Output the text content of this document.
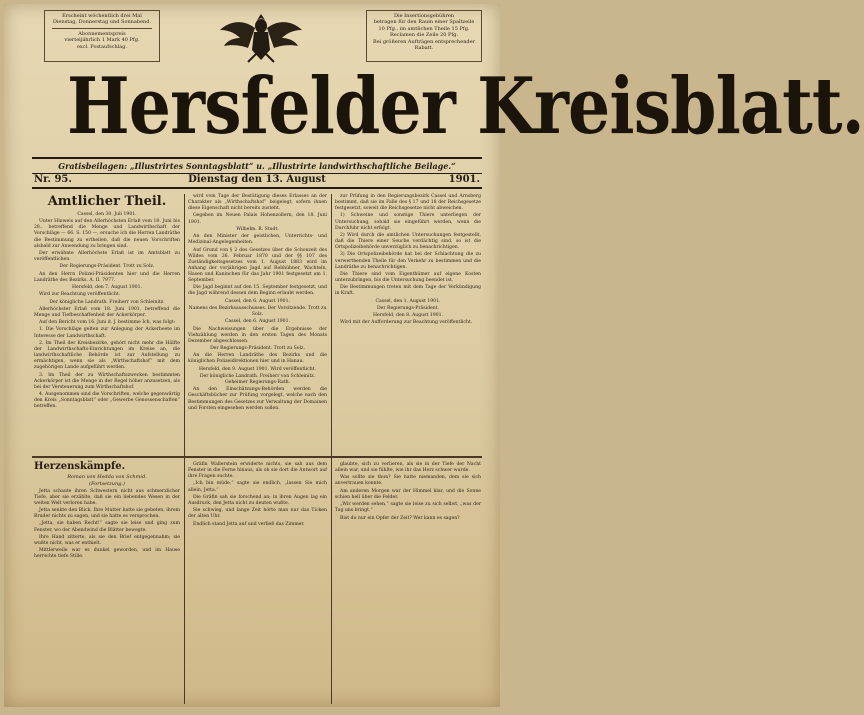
Erscheint wöchentlich drei Mal

Dienstag, Donnerstag und Sonnabend.

Abonnementspreis

vierteljährlich 1 Mark 40 Pfg.

excl. Postaufschlag.

Die Insertionsgebühren

betragen für den Raum einer Spaltzeile

10 Pfg., im amtlichen Theile 15 Pfg.

Reclamen die Zeile 20 Pfg.

Bei größeren Aufträgen entsprechender

Rabatt.

Hersfelder Kreisblatt.
Gratisbeilagen: „Illustrirtes Sonntagsblatt“ u. „Illustrirte landwirthschaftliche Beilage.“
Nr. 95.	Dienstag den 13. August	1901.

Amtlicher Theil.

Cassel, den 30. Juli 1901.

Unter Hinweis auf den Allerhöchsten Erlaß vom 18. Juni bis 28., betreffend die Menge und Landwirthschaft der Vorschläge — 66. S. 150 —, ersuche ich die Herren Landräthe die Bestimmung zu ertheilen, daß die neuen Vorschriften alsbald zur Anwendung zu bringen sind.

Der erwähnte Allerhöchste Erlaß ist im Amtsblatt zu veröffentlichen.

Der Regierungs-Präsident. Trott zu Solz.

An den Herrn Polizei-Präsidenten hier und die Herren Landräthe des Bezirks. A. II. 7977.

Hersfeld, den 7. August 1901.

Wird zur Beachtung veröffentlicht.

Der königliche Landrath. Freiherr von Schleinitz.

Allerhöchster Erlaß vom 18. Juni 1901, betreffend die Menge und Tiefbeschaffenheit der Ackerkörper.

Auf den Bericht vom 16. Juni d. J. bestimme Ich, was folgt:

1. Die Vorschläge gelten zur Anlegung der Ackerbeete im Interesse der Landwirthschaft.

2. Im Theil der Kreisbezirke, gehört nicht mehr die Hälfte der Landwirthschafts-Einrichtungen im Kreise an, die landwirthschaftliche Behörde ist zur Aufstellung zu ermächtigen, wenn sie als „Wirthschaftshof“ mit dem zugehörigen Lande aufgeführt werden.

3. Im Theil der zu Wirthschaftszwecken bestimmten Ackerkörper ist die Menge in der Regel höher anzusetzen, als bei der Versteuerung zum Wirthschaftshof.

4. Ausgenommen sind die Vorschriften, welche gegenwärtig den Kreis „Sonntagsblatt“ oder „Gewerbe Genossenschaften“ betreffen.

wird vom Tage der Bestätigung dieses Erlasses an der Charakter als „Wirthschaftshof“ beigelegt, sofern ihnen diese Eigenschaft nicht bereits zusteht.

Gegeben im Neuen Palais Hohenzollern, den 18. Juni 1901.

Wilhelm. R. Studt.

An den Minister der geistlichen, Unterrichts- und Medizinal-Angelegenheiten.

Auf Grund von § 2 des Gesetzes über die Schonzeit des Wildes vom 26. Februar 1870 und der §§ 107 des Zuständigkeitsgesetzes vom 1. August 1883 wird im Anhang der vorjährigen Jagd auf Rebhühner, Wachteln, Hasen und Kaninchen für das Jahr 1901 festgesetzt am 1. September.

Die Jagd beginnt auf den 15. September festgesetzt, und die Jagd während dessen dem Beginn erlaubt werden.

Cassel, den 6. August 1901.

Namens des Bezirksausschusses. Der Vorsitzende. Trott zu Solz.

Cassel, den 6. August 1901.

Die Nachweisungen über die Ergebnisse der Viehzählung werden in den ersten Tagen des Monats Dezember abgeschlossen.

Der Regierungs-Präsident. Trott zu Solz.

An die Herren Landräthe des Bezirks und die königlichen Polizeidirektionen hier und in Hanau.

Hersfeld, den 9. August 1901. Wird veröffentlicht.

Der königliche Landrath. Freiherr von Schleinitz. Geheimer Regierungs-Rath.

An den Einschätzungs-Behörden werden die Geschäftsbücher zur Prüfung vorgelegt, welche nach den Bestimmungen des Gesetzes zur Verwaltung der Domainen und Forsten eingesehen werden sollen.

zur Prüfung in den Regierungsbezirk Cassel und Arnsberg bestimmt, daß sie im Falle des § 17 und 18 der Reichsgesetze festgesetzt, soweit die Reichsgesetze nicht abweichen.

1) Schweine und sonstige Thiere unterliegen der Untersuchung, sobald sie eingeführt werden, wenn die Durchfuhr nicht erfolgt.

2) Wird durch die amtlichen Untersuchungen festgestellt, daß die Thiere einer Seuche verdächtig sind, so ist die Ortspolizeibehörde unverzüglich zu benachrichtigen.

3) Die Ortspolizeibehörde hat bei der Schlachtung die zu verwerthenden Theile für den Verkehr zu bestimmen und die Landräthe zu benachrichtigen.

Die Thiere sind vom Eigenthümer auf eigene Kosten unterzubringen, bis die Untersuchung beendet ist.

Die Bestimmungen treten mit dem Tage der Verkündigung in Kraft.

Cassel, den 1. August 1901.

Der Regierungs-Präsident.

Hersfeld, den 8. August 1901.

Wird mit der Aufforderung zur Beachtung veröffentlicht.

Herzenskämpfe.

Roman von Hedda von Schmid.

(Fortsetzung.)

Jetta schaute ihren Schwestern nicht aus schmerzlicher Tiefe, aber sie erzählte, daß sie ein liebendes Wesen in der weiten Welt verloren habe.

Jetta senkte den Blick. Ihre Mutter hatte sie gebeten, ihrem Bruder nichts zu sagen, und sie hatte es versprochen.

„Jetta, sie haben Recht!“ sagte sie leise und ging zum Fenster, wo der Abendwind die Blätter bewegte.

Ihre Hand zitterte, als sie den Brief entgegennahm; sie wußte nicht, was er enthielt.

Mittlerweile war es dunkel geworden, und im Hause herrschte tiefe Stille.

Gräfin Wallerstein erwiderte nichts, sie sah aus dem Fenster in die Ferne hinaus, als ob sie dort die Antwort auf ihre Fragen suchte.

„Ich bin müde,“ sagte sie endlich, „lassen Sie mich allein, Jetta.“

Die Gräfin sah sie forschend an; in ihren Augen lag ein Ausdruck, den Jetta nicht zu deuten wußte.

Sie schwieg, und lange Zeit hörte man nur das Ticken der alten Uhr.

Endlich stand Jetta auf und verließ das Zimmer.

glaubte, sich zu verlieren, als sie in der Tiefe der Nacht allein war, und sie fühlte, wie ihr das Herz schwer wurde.

Was sollte sie thun? Sie hatte niemanden, dem sie sich anvertrauen konnte.

Am anderen Morgen war der Himmel klar, und die Sonne schien hell über die Felder.

„Wir werden sehen,“ sagte sie leise zu sich selbst, „was der Tag uns bringt.“

Bist du nur ein Opfer der Zeit? Wer kann es sagen?
